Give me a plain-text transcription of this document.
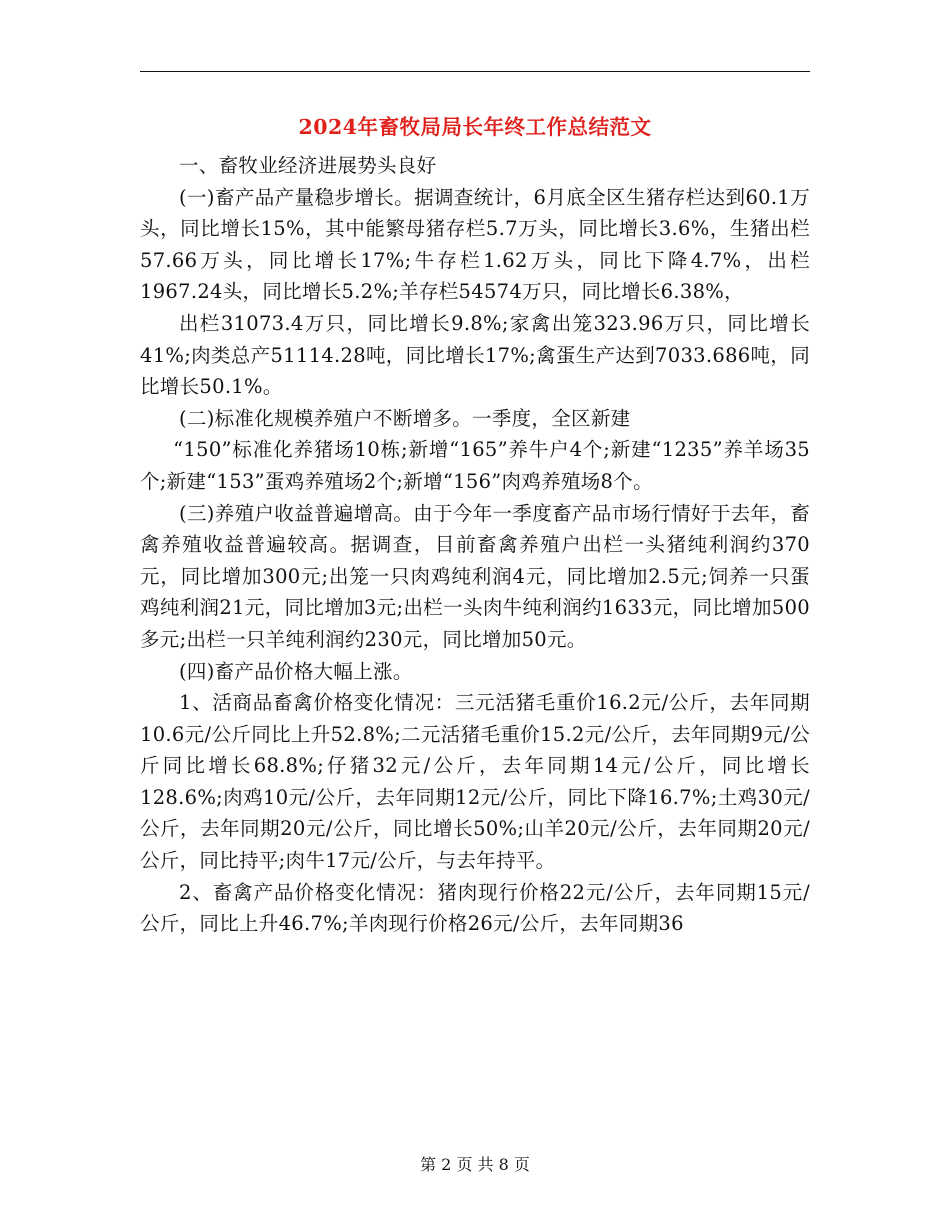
2024年畜牧局局长年终工作总结范文

一、畜牧业经济进展势头良好

(一)畜产品产量稳步增长。据调查统计，6月底全区生猪存栏达到60.1万头，同比增长15%，其中能繁母猪存栏5.7万头，同比增长3.6%，生猪出栏57.66万头，同比增长17%;牛存栏1.62万头，同比下降4.7%，出栏1967.24头，同比增长5.2%;羊存栏54574万只，同比增长6.38%，

出栏31073.4万只，同比增长9.8%;家禽出笼323.96万只，同比增长41%;肉类总产51114.28吨，同比增长17%;禽蛋生产达到7033.686吨，同比增长50.1%。

(二)标准化规模养殖户不断增多。一季度，全区新建

“150”标准化养猪场10栋;新增“165”养牛户4个;新建“1235”养羊场35个;新建“153”蛋鸡养殖场2个;新增“156”肉鸡养殖场8个。

(三)养殖户收益普遍增高。由于今年一季度畜产品市场行情好于去年，畜禽养殖收益普遍较高。据调查，目前畜禽养殖户出栏一头猪纯利润约370元，同比增加300元;出笼一只肉鸡纯利润4元，同比增加2.5元;饲养一只蛋鸡纯利润21元，同比增加3元;出栏一头肉牛纯利润约1633元，同比增加500多元;出栏一只羊纯利润约230元，同比增加50元。

(四)畜产品价格大幅上涨。

1、活商品畜禽价格变化情况：三元活猪毛重价16.2元/公斤，去年同期10.6元/公斤同比上升52.8%;二元活猪毛重价15.2元/公斤，去年同期9元/公斤同比增长68.8%;仔猪32元/公斤，去年同期14元/公斤，同比增长128.6%;肉鸡10元/公斤，去年同期12元/公斤，同比下降16.7%;土鸡30元/公斤，去年同期20元/公斤，同比增长50%;山羊20元/公斤，去年同期20元/公斤，同比持平;肉牛17元/公斤，与去年持平。

2、畜禽产品价格变化情况：猪肉现行价格22元/公斤，去年同期15元/公斤，同比上升46.7%;羊肉现行价格26元/公斤，去年同期36

第 2 页 共 8 页
